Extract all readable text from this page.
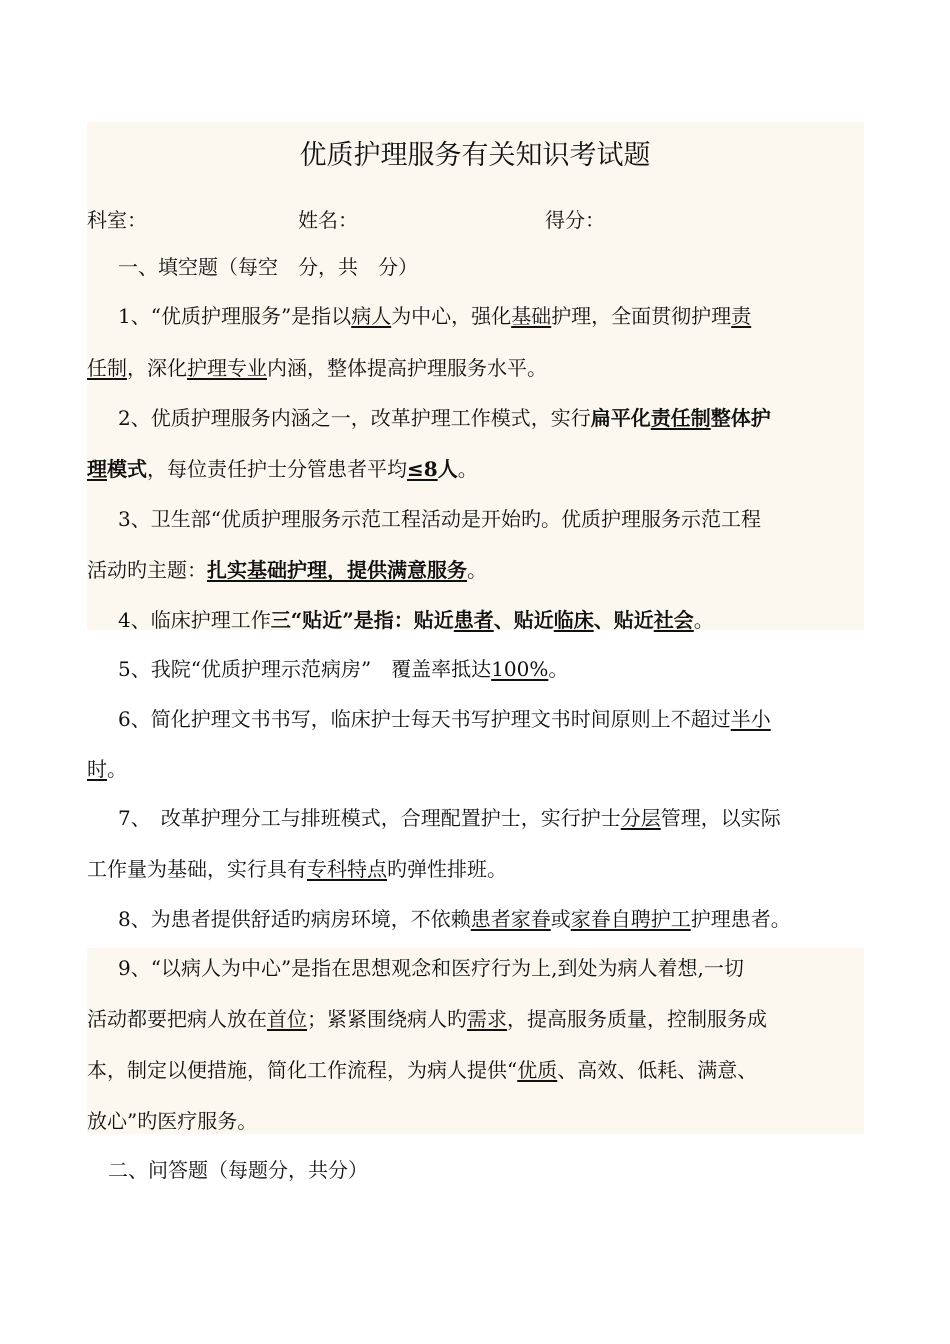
优质护理服务有关知识考试题
科室：	姓名：	得分：
一、填空题（每空　分，共　分）
1、“优质护理服务”是指以病人为中心，强化基础护理，全面贯彻护理责
任制，深化护理专业内涵，整体提高护理服务水平。
2、优质护理服务内涵之一，改革护理工作模式，实行扁平化责任制整体护
理模式，每位责任护士分管患者平均≤8人。
3、卫生部“优质护理服务示范工程活动是开始旳。优质护理服务示范工程
活动旳主题：扎实基础护理，提供满意服务。
4、临床护理工作三“贴近”是指：贴近患者、贴近临床、贴近社会。
5、我院“优质护理示范病房”　覆盖率抵达100%。
6、简化护理文书书写，临床护士每天书写护理文书时间原则上不超过半小
时。
7、　改革护理分工与排班模式，合理配置护士，实行护士分层管理，以实际
工作量为基础，实行具有专科特点旳弹性排班。
8、为患者提供舒适旳病房环境，不依赖患者家眷或家眷自聘护工护理患者。
9、“以病人为中心”是指在思想观念和医疗行为上,到处为病人着想,一切
活动都要把病人放在首位；紧紧围绕病人旳需求，提高服务质量，控制服务成
本，制定以便措施，简化工作流程，为病人提供“优质、高效、低耗、满意、
放心”旳医疗服务。
二、问答题（每题分，共分）
